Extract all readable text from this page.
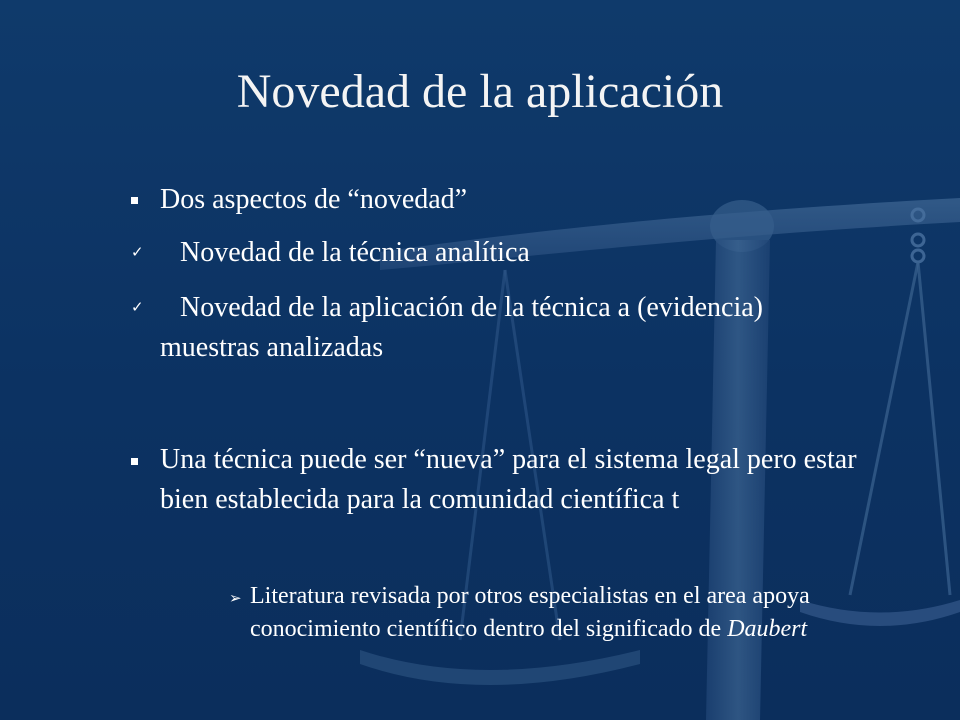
Novedad de la aplicación
Dos aspectos de “novedad”
✓ Novedad de la técnica analítica
✓	Novedad de la aplicación de la técnica a (evidencia) muestras analizadas
Una técnica puede ser “nueva” para el sistema legal pero estar bien establecida para la comunidad científica t
➢ Literatura revisada por otros especialistas en el area apoya conocimiento científico dentro del significado de Daubert
